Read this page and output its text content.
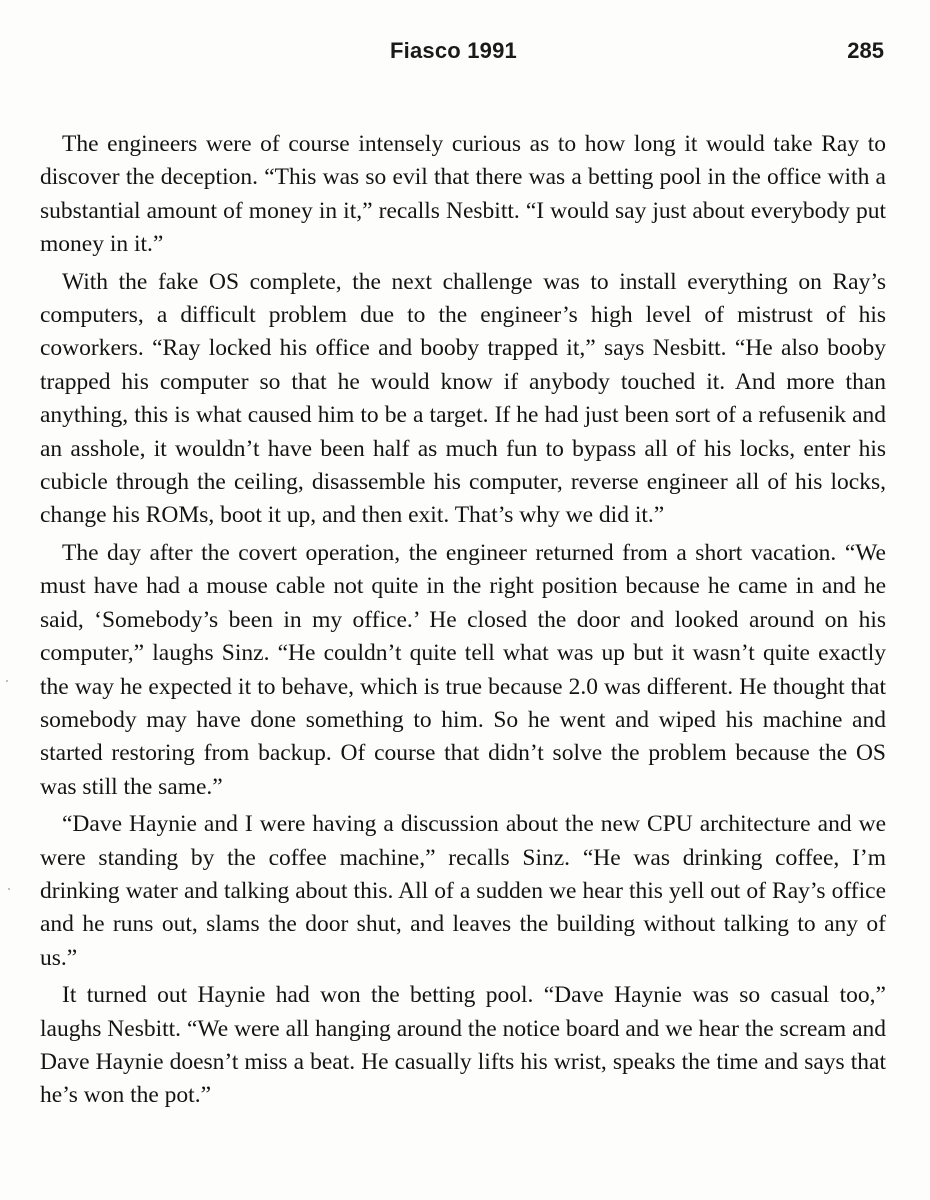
Fiasco 1991	285

The engineers were of course intensely curious as to how long it would take Ray to discover the deception. “This was so evil that there was a betting pool in the office with a substantial amount of money in it,” recalls Nesbitt. “I would say just about everybody put money in it.”

With the fake OS complete, the next challenge was to install everything on Ray’s computers, a difficult problem due to the engineer’s high level of mistrust of his coworkers. “Ray locked his office and booby trapped it,” says Nesbitt. “He also booby trapped his computer so that he would know if anybody touched it. And more than anything, this is what caused him to be a target. If he had just been sort of a refusenik and an asshole, it wouldn’t have been half as much fun to bypass all of his locks, enter his cubicle through the ceiling, disassemble his computer, reverse engineer all of his locks, change his ROMs, boot it up, and then exit. That’s why we did it.”

The day after the covert operation, the engineer returned from a short vacation. “We must have had a mouse cable not quite in the right position because he came in and he said, ‘Somebody’s been in my office.’ He closed the door and looked around on his computer,” laughs Sinz. “He couldn’t quite tell what was up but it wasn’t quite exactly the way he expected it to behave, which is true because 2.0 was different. He thought that somebody may have done something to him. So he went and wiped his machine and started restoring from backup. Of course that didn’t solve the problem because the OS was still the same.”

“Dave Haynie and I were having a discussion about the new CPU architecture and we were standing by the coffee machine,” recalls Sinz. “He was drinking coffee, I’m drinking water and talking about this. All of a sudden we hear this yell out of Ray’s office and he runs out, slams the door shut, and leaves the building without talking to any of us.”

It turned out Haynie had won the betting pool. “Dave Haynie was so casual too,” laughs Nesbitt. “We were all hanging around the notice board and we hear the scream and Dave Haynie doesn’t miss a beat. He casually lifts his wrist, speaks the time and says that he’s won the pot.”
